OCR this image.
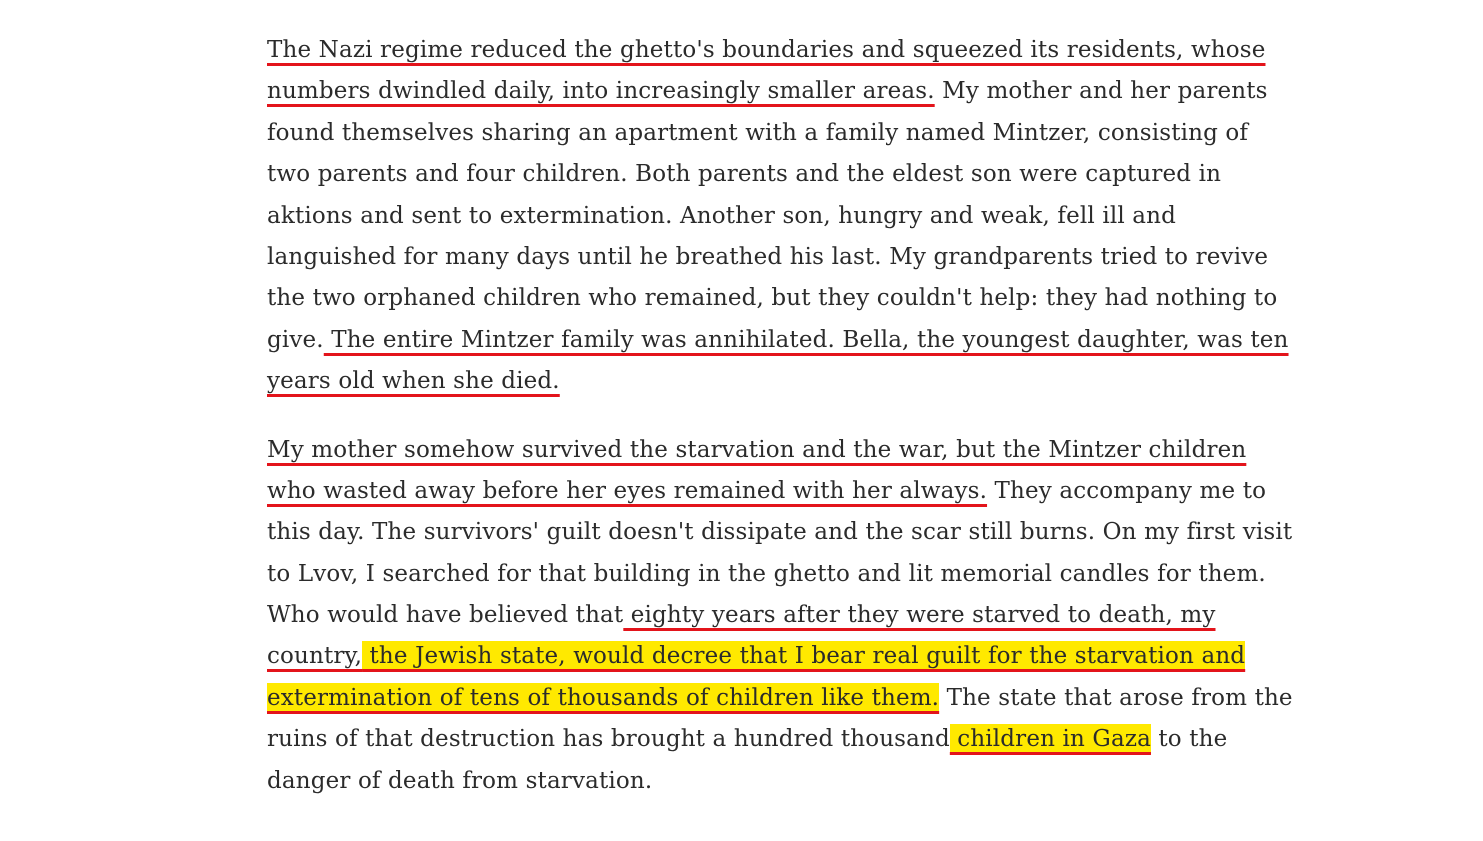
The Nazi regime reduced the ghetto's boundaries and squeezed its residents, whose
numbers dwindled daily, into increasingly smaller areas. My mother and her parents
found themselves sharing an apartment with a family named Mintzer, consisting of
two parents and four children. Both parents and the eldest son were captured in
aktions and sent to extermination. Another son, hungry and weak, fell ill and
languished for many days until he breathed his last. My grandparents tried to revive
the two orphaned children who remained, but they couldn't help: they had nothing to
give. The entire Mintzer family was annihilated. Bella, the youngest daughter, was ten
years old when she died.
My mother somehow survived the starvation and the war, but the Mintzer children
who wasted away before her eyes remained with her always. They accompany me to
this day. The survivors' guilt doesn't dissipate and the scar still burns. On my first visit
to Lvov, I searched for that building in the ghetto and lit memorial candles for them.
Who would have believed that eighty years after they were starved to death, my
country, the Jewish state, would decree that I bear real guilt for the starvation and
extermination of tens of thousands of children like them. The state that arose from the
ruins of that destruction has brought a hundred thousand children in Gaza to the
danger of death from starvation.
